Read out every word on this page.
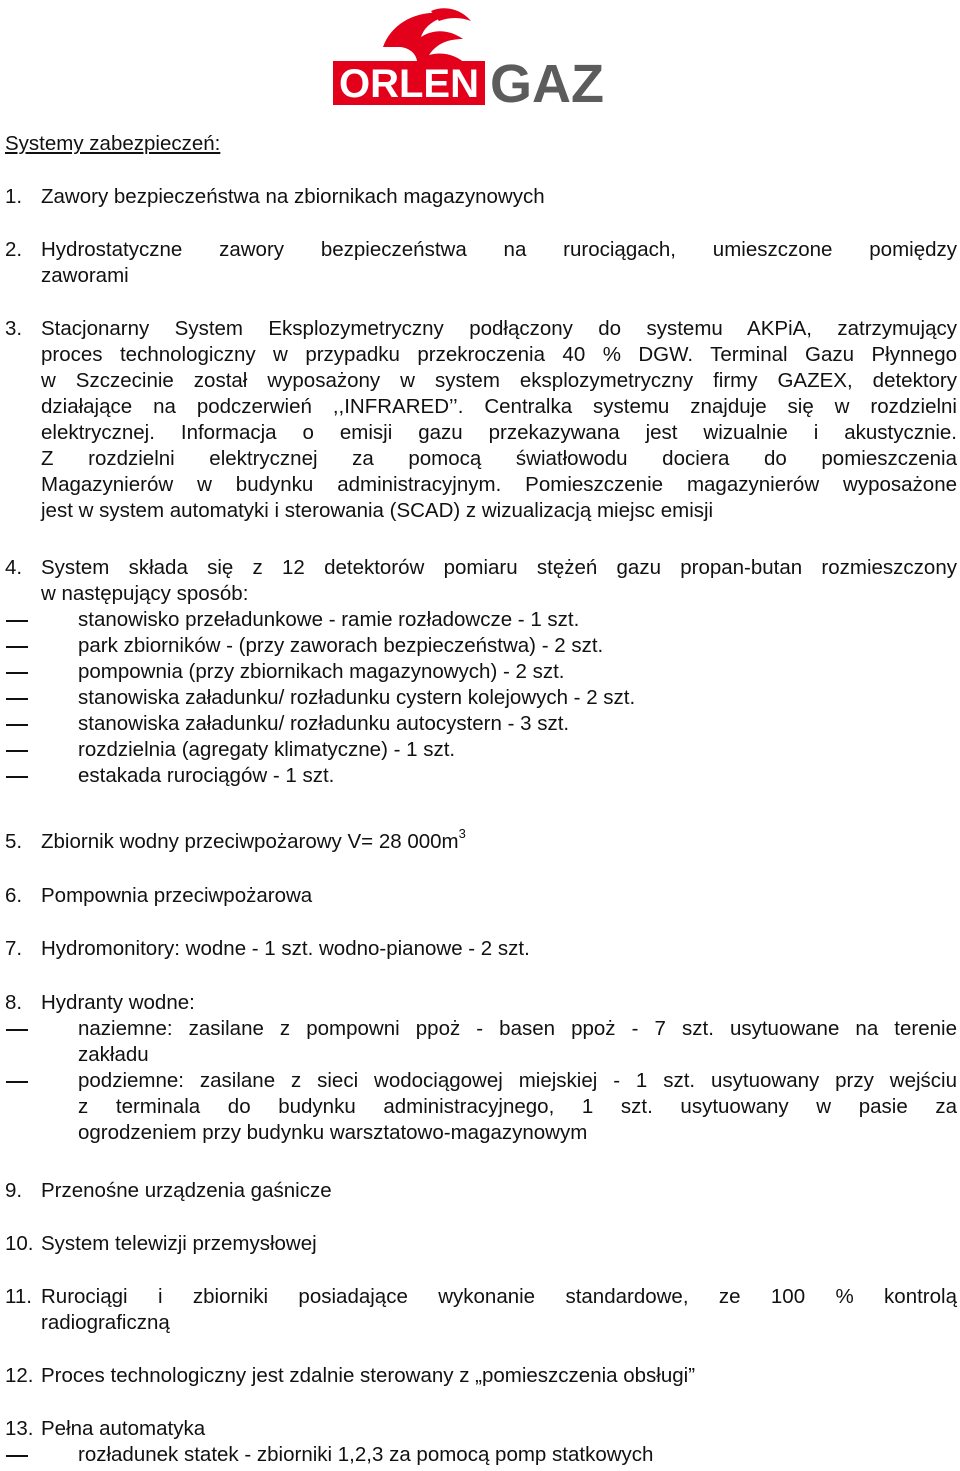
ORLEN GAZ
Systemy zabezpieczeń:
1. Zawory bezpieczeństwa na zbiornikach magazynowych
2. Hydrostatyczne zawory bezpieczeństwa na rurociągach, umieszczone pomiędzy
zaworami
3. Stacjonarny System Eksplozymetryczny podłączony do systemu AKPiA, zatrzymujący
proces technologiczny w przypadku przekroczenia 40 % DGW. Terminal Gazu Płynnego
w Szczecinie został wyposażony w system eksplozymetryczny firmy GAZEX, detektory
działające na podczerwień ,,INFRARED’’. Centralka systemu znajduje się w rozdzielni
elektrycznej. Informacja o emisji gazu przekazywana jest wizualnie i akustycznie.
Z rozdzielni elektrycznej za pomocą światłowodu dociera do pomieszczenia
Magazynierów w budynku administracyjnym. Pomieszczenie magazynierów wyposażone
jest w system automatyki i sterowania (SCAD) z wizualizacją miejsc emisji
4. System składa się z 12 detektorów pomiaru stężeń gazu propan-butan rozmieszczony
w następujący sposób:
stanowisko przeładunkowe - ramie rozładowcze - 1 szt.
park zbiorników - (przy zaworach bezpieczeństwa) - 2 szt.
pompownia (przy zbiornikach magazynowych) - 2 szt.
stanowiska załadunku/ rozładunku cystern kolejowych - 2 szt.
stanowiska załadunku/ rozładunku autocystern - 3 szt.
rozdzielnia (agregaty klimatyczne) - 1 szt.
estakada rurociągów - 1 szt.
5. Zbiornik wodny przeciwpożarowy V= 28 $000m^3$
6. Pompownia przeciwpożarowa
7. Hydromonitory: wodne - 1 szt. wodno-pianowe - 2 szt.
8. Hydranty wodne:
naziemne: zasilane z pompowni ppoż - basen ppoż - 7 szt. usytuowane na terenie
zakładu
podziemne: zasilane z sieci wodociągowej miejskiej - 1 szt. usytuowany przy wejściu
z terminala do budynku administracyjnego, 1 szt. usytuowany w pasie za
ogrodzeniem przy budynku warsztatowo-magazynowym
9. Przenośne urządzenia gaśnicze
10. System telewizji przemysłowej
11. Rurociągi i zbiorniki posiadające wykonanie standardowe, ze 100 % kontrolą
radiograficzną
12. Proces technologiczny jest zdalnie sterowany z „pomieszczenia obsługi”
13. Pełna automatyka
rozładunek statek - zbiorniki 1,2,3 za pomocą pomp statkowych
